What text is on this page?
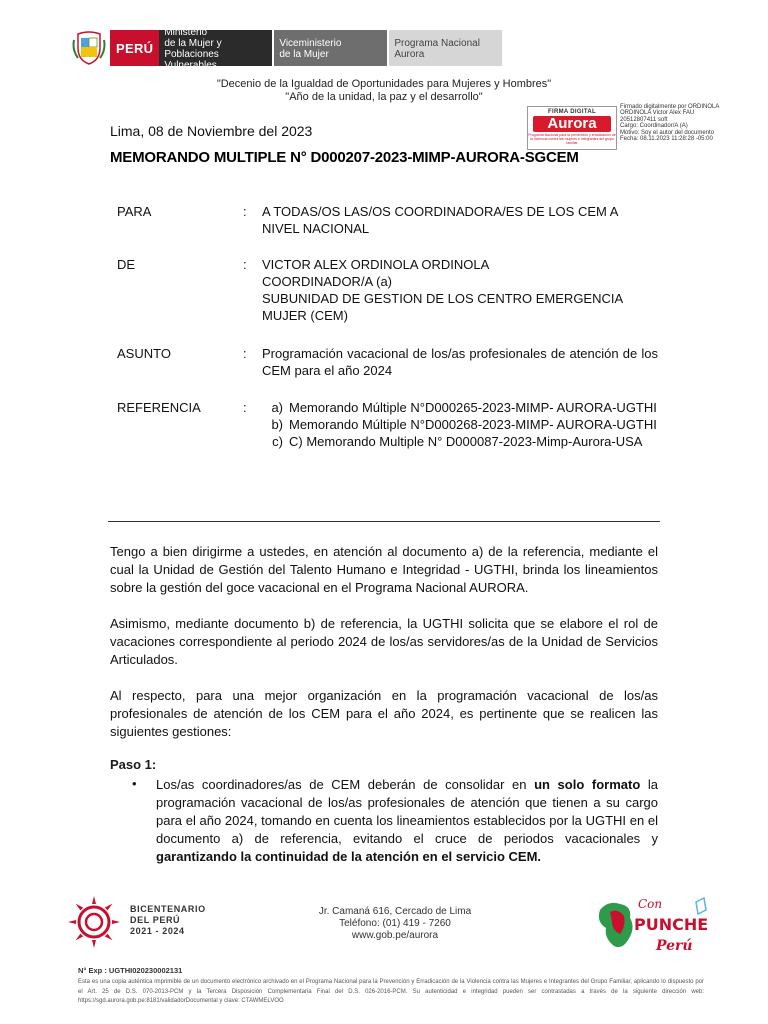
PERÚ
Ministerio
de la Mujer y
Poblaciones Vulnerables
Viceministerio
de la Mujer
Programa Nacional
Aurora
"Decenio de la Igualdad de Oportunidades para Mujeres y Hombres"
"Año de la unidad, la paz y el desarrollo"
FIRMA DIGITAL
Aurora
Programa Nacional para la prevención y erradicación de la violencia contra las mujeres e integrantes del grupo familiar
Firmado digitalmente por ORDINOLA
ORDINOLA Victor Alex FAU
20512807411 soft
Cargo: Coordinador/A (A)
Motivo: Soy el autor del documento
Fecha: 08.11.2023 11:28:28 -05:00
Lima, 08 de Noviembre del 2023
MEMORANDO MULTIPLE N° D000207-2023-MIMP-AURORA-SGCEM
PARA	: A TODAS/OS LAS/OS COORDINADORA/ES DE LOS CEM A NIVEL NACIONAL
DE	: VICTOR ALEX ORDINOLA ORDINOLA
COORDINADOR/A (a)
SUBUNIDAD DE GESTION DE LOS CENTRO EMERGENCIA MUJER (CEM)
ASUNTO	: Programación vacacional de los/as profesionales de atención de los CEM para el año 2024
REFERENCIA	:	a) Memorando Múltiple N°D000265-2023-MIMP- AURORA-UGTHI
b) Memorando Múltiple N°D000268-2023-MIMP- AURORA-UGTHI
c) C) Memorando Multiple N° D000087-2023-Mimp-Aurora-USA
Tengo a bien dirigirme a ustedes, en atención al documento a) de la referencia, mediante el cual la Unidad de Gestión del Talento Humano e Integridad - UGTHI, brinda los lineamientos sobre la gestión del goce vacacional en el Programa Nacional AURORA.
Asimismo, mediante documento b) de referencia, la UGTHI solicita que se elabore el rol de vacaciones correspondiente al periodo 2024 de los/as servidores/as de la Unidad de Servicios Articulados.
Al respecto, para una mejor organización en la programación vacacional de los/as profesionales de atención de los CEM para el año 2024, es pertinente que se realicen las siguientes gestiones:
Paso 1:
• Los/as coordinadores/as de CEM deberán de consolidar en un solo formato la programación vacacional de los/as profesionales de atención que tienen a su cargo para el año 2024, tomando en cuenta los lineamientos establecidos por la UGTHI en el documento a) de referencia, evitando el cruce de periodos vacacionales y garantizando la continuidad de la atención en el servicio CEM.
BICENTENARIO
DEL PERÚ
2021 - 2024
Jr. Camaná 616, Cercado de Lima
Teléfono: (01) 419 - 7260
www.gob.pe/aurora
Con
PUNCHE
Perú
N° Exp : UGTHI020230002131
Esta es una copia auténtica imprimible de un documento electrónico archivado en el Programa Nacional para la Prevención y Erradicación de la Violencia contra las Mujeres e Integrantes del Grupo Familiar, aplicando lo dispuesto por el Art. 25 de D.S. 070-2013-PCM y la Tercera Disposición Complementaria Final del D.S. 026-2016-PCM. Su autenticidad e integridad pueden ser contrastadas a través de la siguiente dirección web: https://sgd.aurora.gob.pe:8181/validadorDocumental y clave: CTAWMELVOO
